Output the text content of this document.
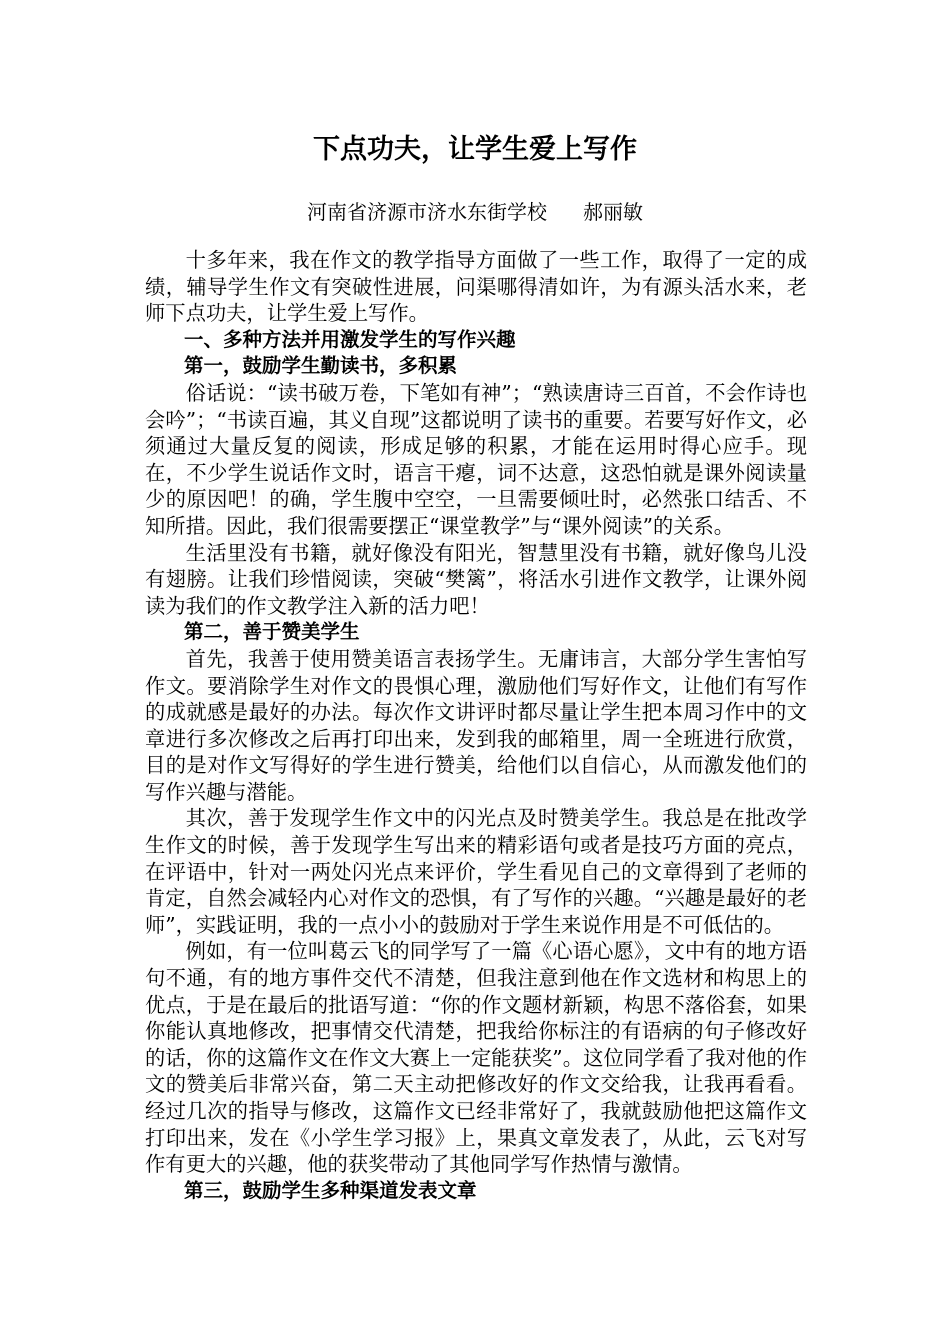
下点功夫，让学生爱上写作

河南省济源市济水东街学校 郝丽敏

十多年来，我在作文的教学指导方面做了一些工作，取得了一定的成绩，辅导学生作文有突破性进展，问渠哪得清如许，为有源头活水来，老师下点功夫，让学生爱上写作。

一、多种方法并用激发学生的写作兴趣

第一，鼓励学生勤读书，多积累

俗话说：“读书破万卷，下笔如有神”；“熟读唐诗三百首，不会作诗也会吟”；“书读百遍，其义自现”这都说明了读书的重要。若要写好作文，必须通过大量反复的阅读，形成足够的积累，才能在运用时得心应手。现在，不少学生说话作文时，语言干瘪，词不达意，这恐怕就是课外阅读量少的原因吧！的确，学生腹中空空，一旦需要倾吐时，必然张口结舌、不知所措。因此，我们很需要摆正“课堂教学”与“课外阅读”的关系。

生活里没有书籍，就好像没有阳光，智慧里没有书籍，就好像鸟儿没有翅膀。让我们珍惜阅读，突破“樊篱”，将活水引进作文教学，让课外阅读为我们的作文教学注入新的活力吧！

第二，善于赞美学生

首先，我善于使用赞美语言表扬学生。无庸讳言，大部分学生害怕写作文。要消除学生对作文的畏惧心理，激励他们写好作文，让他们有写作的成就感是最好的办法。每次作文讲评时都尽量让学生把本周习作中的文章进行多次修改之后再打印出来，发到我的邮箱里，周一全班进行欣赏，目的是对作文写得好的学生进行赞美，给他们以自信心，从而激发他们的写作兴趣与潜能。

其次，善于发现学生作文中的闪光点及时赞美学生。我总是在批改学生作文的时候，善于发现学生写出来的精彩语句或者是技巧方面的亮点，在评语中，针对一两处闪光点来评价，学生看见自己的文章得到了老师的肯定，自然会减轻内心对作文的恐惧，有了写作的兴趣。“兴趣是最好的老师”，实践证明，我的一点小小的鼓励对于学生来说作用是不可低估的。

例如，有一位叫葛云飞的同学写了一篇《心语心愿》，文中有的地方语句不通，有的地方事件交代不清楚，但我注意到他在作文选材和构思上的优点，于是在最后的批语写道：“你的作文题材新颖，构思不落俗套，如果你能认真地修改，把事情交代清楚，把我给你标注的有语病的句子修改好的话，你的这篇作文在作文大赛上一定能获奖”。这位同学看了我对他的作文的赞美后非常兴奋，第二天主动把修改好的作文交给我，让我再看看。经过几次的指导与修改，这篇作文已经非常好了，我就鼓励他把这篇作文打印出来，发在《小学生学习报》上，果真文章发表了，从此，云飞对写作有更大的兴趣，他的获奖带动了其他同学写作热情与激情。

第三，鼓励学生多种渠道发表文章
